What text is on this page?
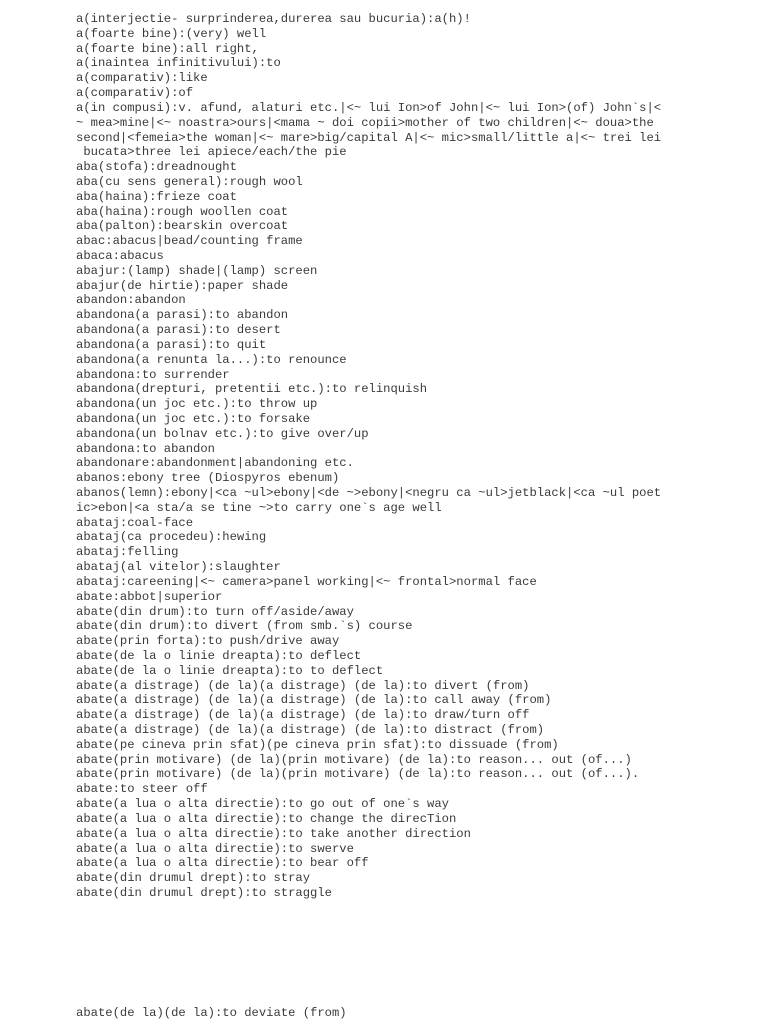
a(interjectie- surprinderea,durerea sau bucuria):a(h)!
a(foarte bine):(very) well
a(foarte bine):all right,
a(inaintea infinitivului):to
a(comparativ):like
a(comparativ):of
a(in compusi):v. afund, alaturi etc.|<~ lui Ion>of John|<~ lui Ion>(of) John`s|<
~ mea>mine|<~ noastra>ours|<mama ~ doi copii>mother of two children|<~ doua>the
second|<femeia>the woman|<~ mare>big/capital A|<~ mic>small/little a|<~ trei lei
bucata>three lei apiece/each/the pie
aba(stofa):dreadnought
aba(cu sens general):rough wool
aba(haina):frieze coat
aba(haina):rough woollen coat
aba(palton):bearskin overcoat
abac:abacus|bead/counting frame
abaca:abacus
abajur:(lamp) shade|(lamp) screen
abajur(de hirtie):paper shade
abandon:abandon
abandona(a parasi):to abandon
abandona(a parasi):to desert
abandona(a parasi):to quit
abandona(a renunta la...):to renounce
abandona:to surrender
abandona(drepturi, pretentii etc.):to relinquish
abandona(un joc etc.):to throw up
abandona(un joc etc.):to forsake
abandona(un bolnav etc.):to give over/up
abandona:to abandon
abandonare:abandonment|abandoning etc.
abanos:ebony tree (Diospyros ebenum)
abanos(lemn):ebony|<ca ~ul>ebony|<de ~>ebony|<negru ca ~ul>jetblack|<ca ~ul poet
ic>ebon|<a sta/a se tine ~>to carry one`s age well
abataj:coal-face
abataj(ca procedeu):hewing
abataj:felling
abataj(al vitelor):slaughter
abataj:careening|<~ camera>panel working|<~ frontal>normal face
abate:abbot|superior
abate(din drum):to turn off/aside/away
abate(din drum):to divert (from smb.`s) course
abate(prin forta):to push/drive away
abate(de la o linie dreapta):to deflect
abate(de la o linie dreapta):to to deflect
abate(a distrage) (de la)(a distrage) (de la):to divert (from)
abate(a distrage) (de la)(a distrage) (de la):to call away (from)
abate(a distrage) (de la)(a distrage) (de la):to draw/turn off
abate(a distrage) (de la)(a distrage) (de la):to distract (from)
abate(pe cineva prin sfat)(pe cineva prin sfat):to dissuade (from)
abate(prin motivare) (de la)(prin motivare) (de la):to reason... out (of...)
abate(prin motivare) (de la)(prin motivare) (de la):to reason... out (of...).
abate:to steer off
abate(a lua o alta directie):to go out of one`s way
abate(a lua o alta directie):to change the direcTion
abate(a lua o alta directie):to take another direction
abate(a lua o alta directie):to swerve
abate(a lua o alta directie):to bear off
abate(din drumul drept):to stray
abate(din drumul drept):to straggle
abate(de la)(de la):to deviate (from)
